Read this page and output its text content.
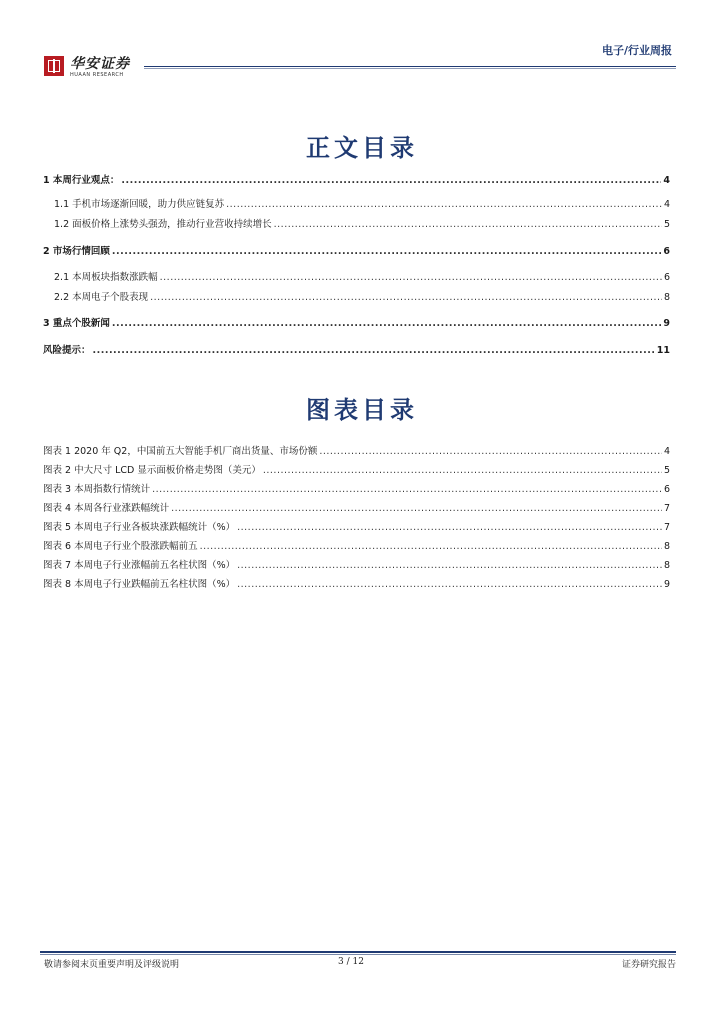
华安证券
HUAAN RESEARCH
电子/行业周报
正文目录
1 本周行业观点： .....	4
1.1 手机市场逐渐回暖，助力供应链复苏 .....	4
1.2 面板价格上涨势头强劲，推动行业营收持续增长 .....	5
2 市场行情回顾 .....	6
2.1 本周板块指数涨跌幅 .....	6
2.2 本周电子个股表现 .....	8
3 重点个股新闻 .....	9
风险提示： .....	11
图表目录
图表 1 2020 年 Q2，中国前五大智能手机厂商出货量、市场份额 .....	4
图表 2 中大尺寸 LCD 显示面板价格走势图（美元） .....	5
图表 3 本周指数行情统计 .....	6
图表 4 本周各行业涨跌幅统计 .....	7
图表 5 本周电子行业各板块涨跌幅统计（%） .....	7
图表 6 本周电子行业个股涨跌幅前五 .....	8
图表 7 本周电子行业涨幅前五名柱状图（%） .....	8
图表 8 本周电子行业跌幅前五名柱状图（%） .....	9
敬请参阅末页重要声明及评级说明	3 / 12	证券研究报告
